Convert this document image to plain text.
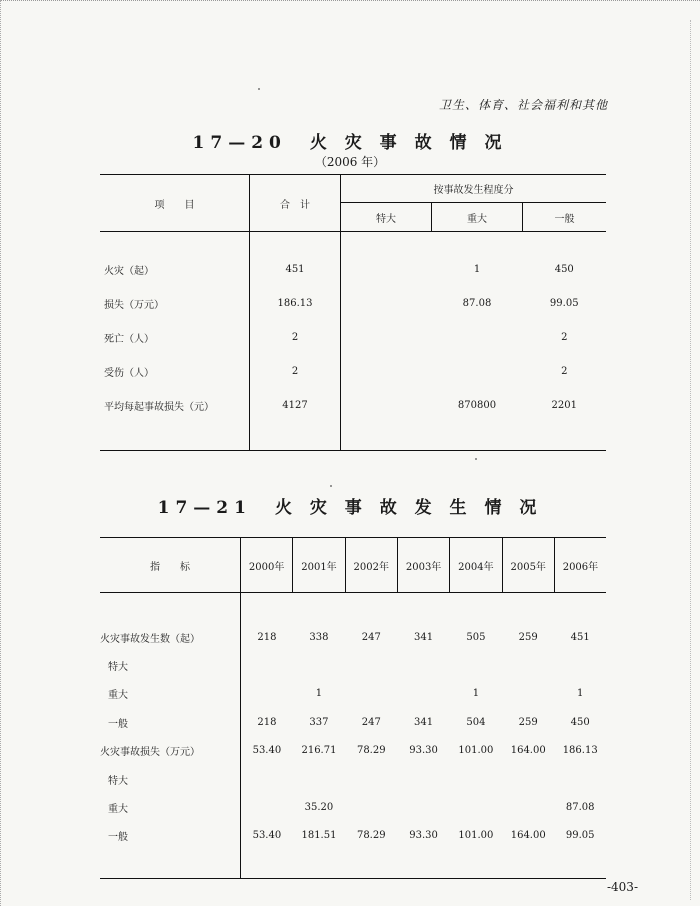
卫生、体育、社会福利和其他
17—20　火 灾 事 故 情 况
（2006 年）
项　　目	合　计	按事故发生程度分		
		特大	重大	一般

火灾（起）	451		1	450
损失（万元）	186.13		87.08	99.05
死亡（人）	2			2
受伤（人）	2			2
平均每起事故损失（元）	4127		870800	2201

17—21　火 灾 事 故 发 生 情 况
指　　标	2000年	2001年	2002年	2003年	2004年	2005年	2006年

火灾事故发生数（起）	218	338	247	341	505	259	451
特大							
重大		1			1		1
一般	218	337	247	341	504	259	450
火灾事故损失（万元）	53.40	216.71	78.29	93.30	101.00	164.00	186.13
特大							
重大		35.20					87.08
一般	53.40	181.51	78.29	93.30	101.00	164.00	99.05

-403-
